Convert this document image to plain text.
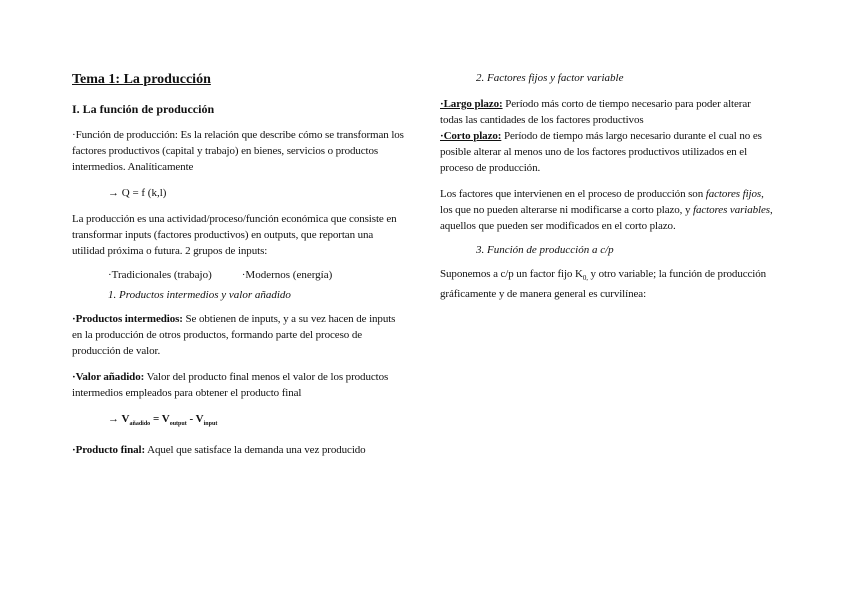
Tema 1: La producción
I. La función de producción
·Función de producción: Es la relación que describe cómo se transforman los factores productivos (capital y trabajo) en bienes, servicios o productos intermedios. Analíticamente
→ Q = f (k,l)
La producción es una actividad/proceso/función económica que consiste en transformar inputs (factores productivos) en outputs, que reportan una utilidad próxima o futura. 2 grupos de inputs:
·Tradicionales (trabajo)	·Modernos (energía)
1. Productos intermedios y valor añadido
·Productos intermedios: Se obtienen de inputs, y a su vez hacen de inputs en la producción de otros productos, formando parte del proceso de producción de valor.
·Valor añadido: Valor del producto final menos el valor de los productos intermedios empleados para obtener el producto final
→ $V_{añadido} = V_{output} - V_{input}$
·Producto final: Aquel que satisface la demanda una vez producido
2. Factores fijos y factor variable
·Largo plazo: Período más corto de tiempo necesario para poder alterar todas las cantidades de los factores productivos
·Corto plazo: Período de tiempo más largo necesario durante el cual no es posible alterar al menos uno de los factores productivos utilizados en el proceso de producción.
Los factores que intervienen en el proceso de producción son factores fijos, los que no pueden alterarse ni modificarse a corto plazo, y factores variables, aquellos que pueden ser modificados en el corto plazo.
3. Función de producción a c/p
Suponemos a c/p un factor fijo $K_{0,}$ y otro variable; la función de producción gráficamente y de manera general es curvilínea:
